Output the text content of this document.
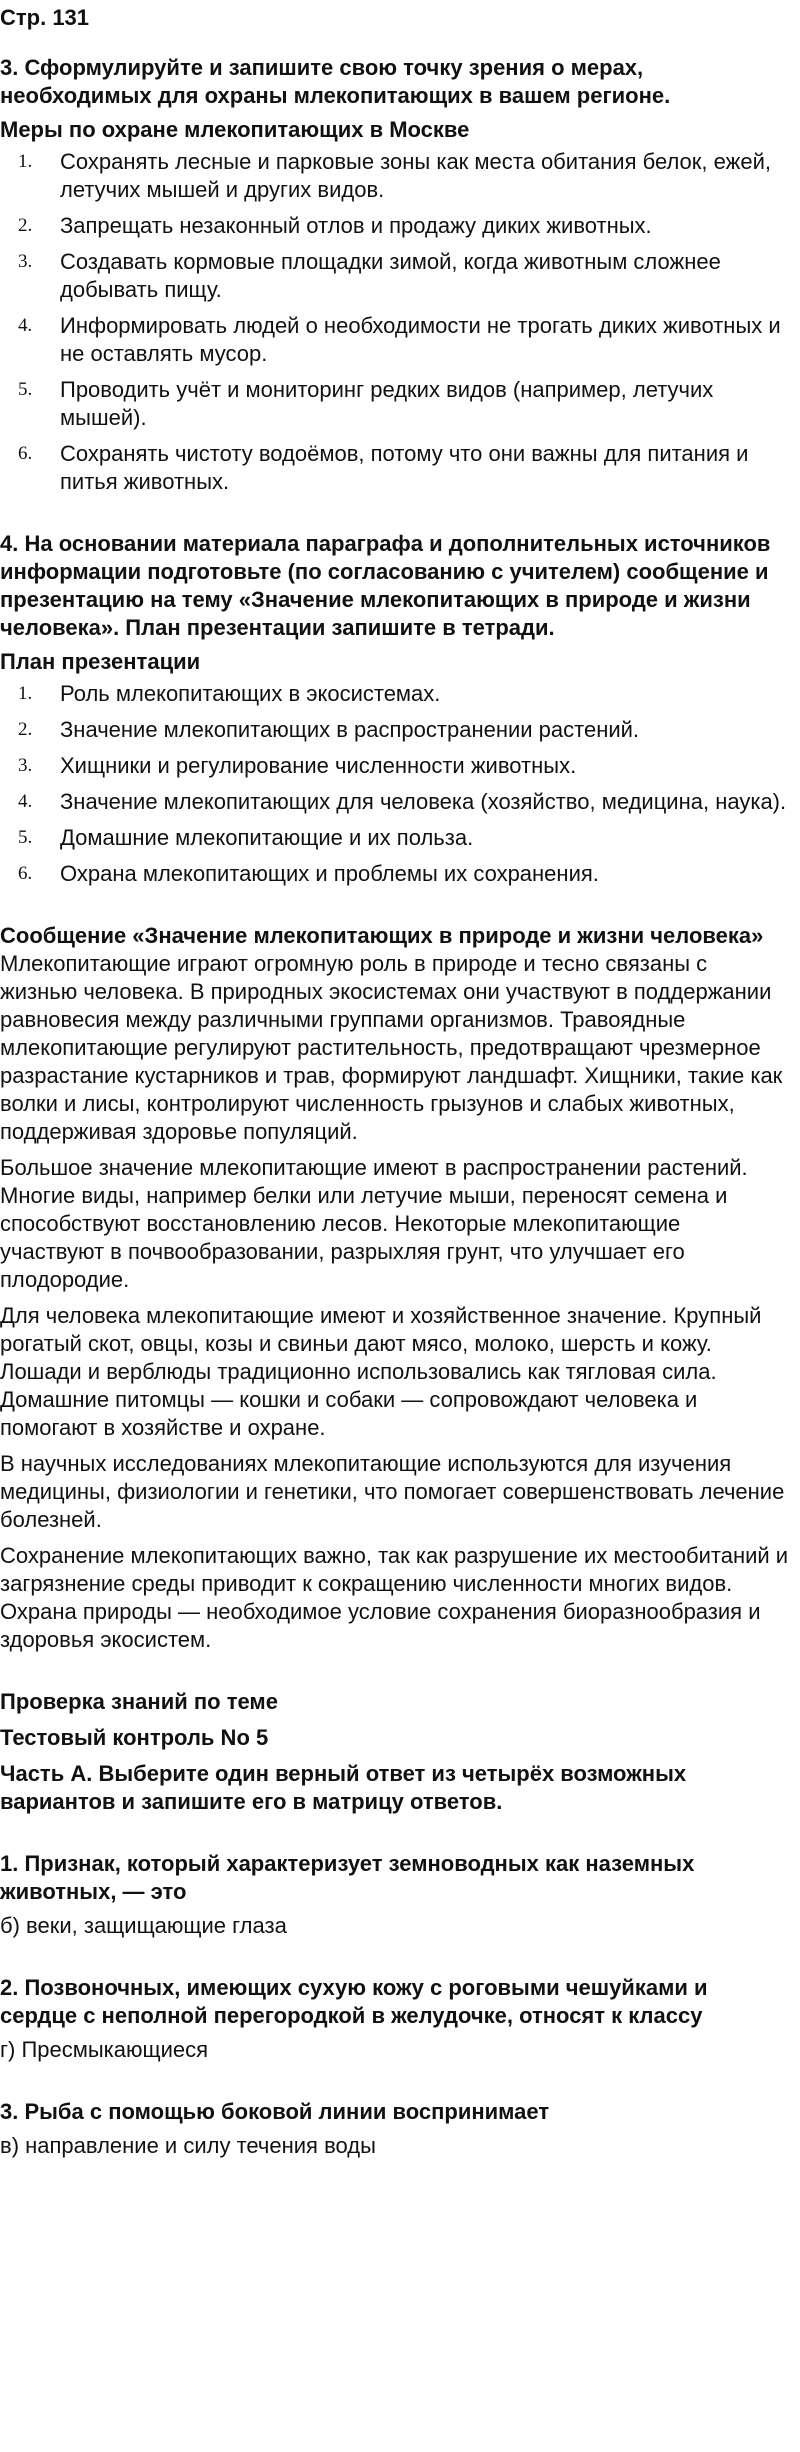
Стр. 131

3. Сформулируйте и запишите свою точку зрения о мерах, необходимых для охраны млекопитающих в вашем регионе.

Меры по охране млекопитающих в Москве

1.	Сохранять лесные и парковые зоны как места обитания белок, ежей, летучих мышей и других видов.
2.	Запрещать незаконный отлов и продажу диких животных.
3.	Создавать кормовые площадки зимой, когда животным сложнее добывать пищу.
4.	Информировать людей о необходимости не трогать диких животных и не оставлять мусор.
5.	Проводить учёт и мониторинг редких видов (например, летучих мышей).
6.	Сохранять чистоту водоёмов, потому что они важны для питания и питья животных.

4. На основании материала параграфа и дополнительных источников информации подготовьте (по согласованию с учителем) сообщение и презентацию на тему «Значение млекопитающих в природе и жизни человека». План презентации запишите в тетради.

План презентации

1.	Роль млекопитающих в экосистемах.
2.	Значение млекопитающих в распространении растений.
3.	Хищники и регулирование численности животных.
4.	Значение млекопитающих для человека (хозяйство, медицина, наука).
5.	Домашние млекопитающие и их польза.
6.	Охрана млекопитающих и проблемы их сохранения.

Сообщение «Значение млекопитающих в природе и жизни человека»

Млекопитающие играют огромную роль в природе и тесно связаны с жизнью человека. В природных экосистемах они участвуют в поддержании равновесия между различными группами организмов. Травоядные млекопитающие регулируют растительность, предотвращают чрезмерное разрастание кустарников и трав, формируют ландшафт. Хищники, такие как волки и лисы, контролируют численность грызунов и слабых животных, поддерживая здоровье популяций.

Большое значение млекопитающие имеют в распространении растений. Многие виды, например белки или летучие мыши, переносят семена и способствуют восстановлению лесов. Некоторые млекопитающие участвуют в почвообразовании, разрыхляя грунт, что улучшает его плодородие.

Для человека млекопитающие имеют и хозяйственное значение. Крупный рогатый скот, овцы, козы и свиньи дают мясо, молоко, шерсть и кожу. Лошади и верблюды традиционно использовались как тягловая сила. Домашние питомцы — кошки и собаки — сопровождают человека и помогают в хозяйстве и охране.

В научных исследованиях млекопитающие используются для изучения медицины, физиологии и генетики, что помогает совершенствовать лечение болезней.

Сохранение млекопитающих важно, так как разрушение их местообитаний и загрязнение среды приводит к сокращению численности многих видов. Охрана природы — необходимое условие сохранения биоразнообразия и здоровья экосистем.

Проверка знаний по теме

Тестовый контроль No 5

Часть А. Выберите один верный ответ из четырёх возможных вариантов и запишите его в матрицу ответов.

1. Признак, который характеризует земноводных как наземных животных, — это

б) веки, защищающие глаза

2. Позвоночных, имеющих сухую кожу с роговыми чешуйками и сердце с неполной перегородкой в желудочке, относят к классу

г) Пресмыкающиеся

3. Рыба с помощью боковой линии воспринимает

в) направление и силу течения воды
